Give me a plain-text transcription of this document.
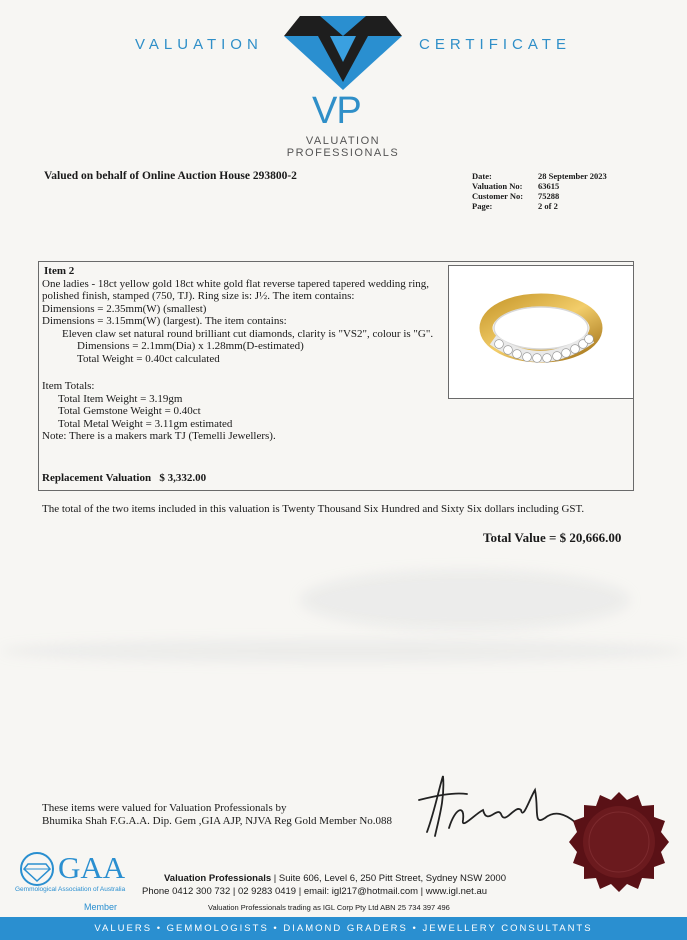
VALUATION	CERTIFICATE
VP
VALUATION
PROFESSIONALS
Valued on behalf of Online Auction House 293800-2	Date:	28 September 2023
Valuation No:	63615
Customer No:	75288
Page:	2 of 2
Item 2
One ladies - 18ct yellow gold 18ct white gold flat reverse tapered tapered wedding ring,
polished finish, stamped (750, TJ). Ring size is: J½. The item contains:
Dimensions = 2.35mm(W) (smallest)
Dimensions = 3.15mm(W) (largest). The item contains:
Eleven claw set natural round brilliant cut diamonds, clarity is "VS2", colour is "G".
Dimensions = 2.1mm(Dia) x 1.28mm(D-estimated)
Total Weight = 0.40ct calculated
Item Totals:
Total Item Weight = 3.19gm
Total Gemstone Weight = 0.40ct
Total Metal Weight = 3.11gm estimated
Note: There is a makers mark TJ (Temelli Jewellers).
Replacement Valuation $ 3,332.00
The total of the two items included in this valuation is Twenty Thousand Six Hundred and Sixty Six dollars including GST.
Total Value = $ 20,666.00
These items were valued for Valuation Professionals by
Bhumika Shah F.G.A.A. Dip. Gem ,GIA AJP, NJVA Reg Gold Member No.088
GAA
Gemmological Association of Australia
Member
Valuation Professionals | Suite 606, Level 6, 250 Pitt Street, Sydney NSW 2000
Phone 0412 300 732 | 02 9283 0419 | email: igl217@hotmail.com | www.igl.net.au
Valuation Professionals trading as IGL Corp Pty Ltd ABN 25 734 397 496
VALUERS • GEMMOLOGISTS • DIAMOND GRADERS • JEWELLERY CONSULTANTS
